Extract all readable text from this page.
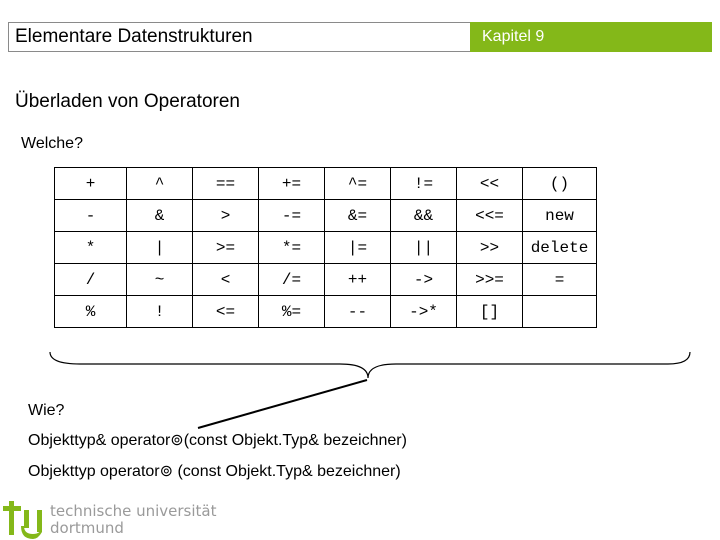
Elementare Datenstrukturen	Kapitel 9
Überladen von Operatoren
Welche?
+	^	==	+=	^=	!=	<<	()
-	&	>	-=	&=	&&	<<=	new
*	|	>=	*=	|=	||	>>	delete
/	~	<	/=	++	->	>>=	=
%	!	<=	%=	--	->*	[]	
Wie?
Objekttyp& operator⊚(const Objekt.Typ& bezeichner)
Objekttyp operator⊚ (const Objekt.Typ& bezeichner)
technische universität
dortmund
